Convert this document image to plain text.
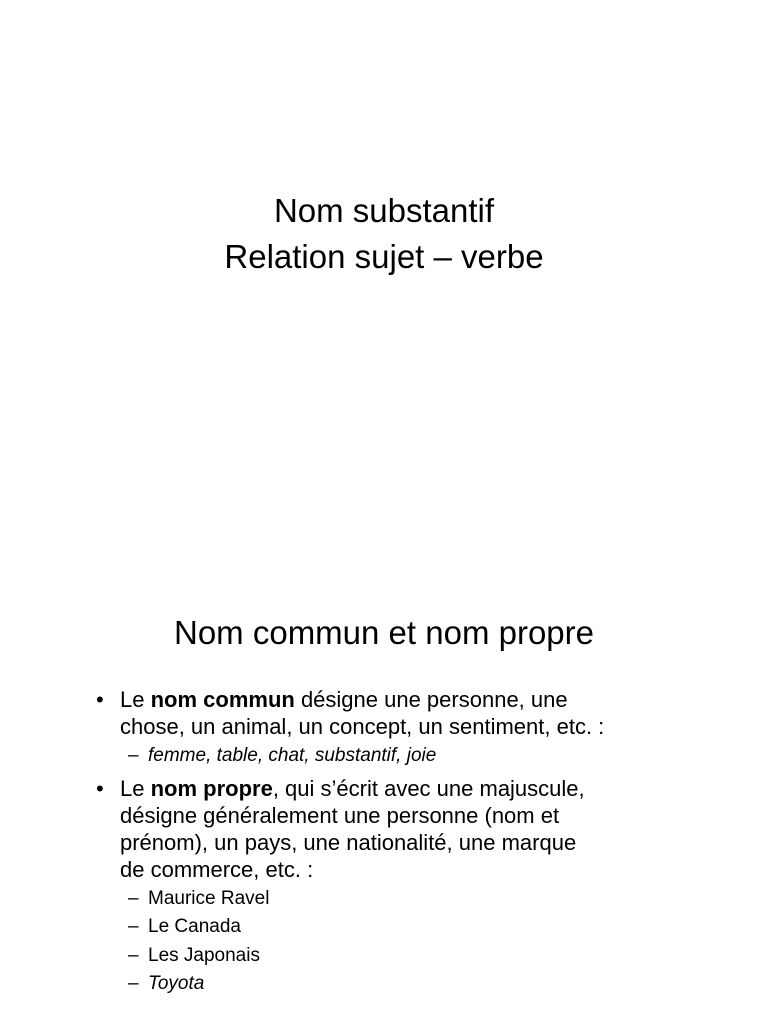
Nom substantif
Relation sujet – verbe
Nom commun et nom propre
• Le nom commun désigne une personne, une
chose, un animal, un concept, un sentiment, etc. :
– femme, table, chat, substantif, joie
• Le nom propre, qui s’écrit avec une majuscule,
désigne généralement une personne (nom et
prénom), un pays, une nationalité, une marque
de commerce, etc. :
– Maurice Ravel
– Le Canada
– Les Japonais
– Toyota
